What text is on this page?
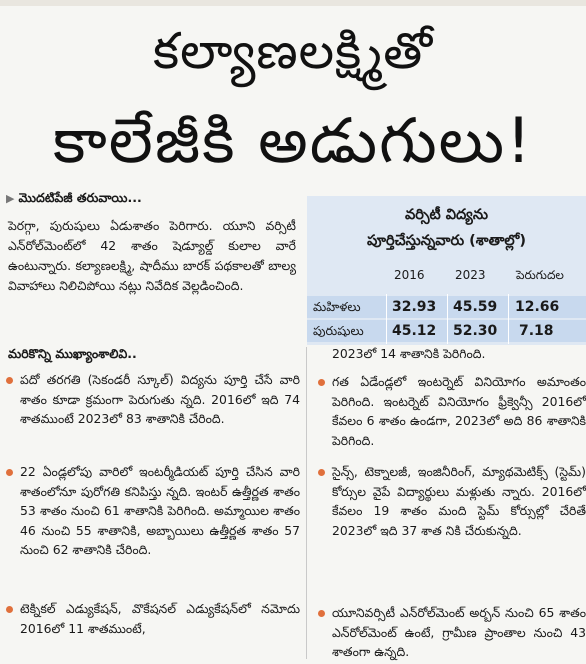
కల్యాణలక్ష్మితో
కాలేజీకి అడుగులు!
▶ మొదటిపేజీ తరువాయి...
పెరగ్గా, పురుషులు ఏడుశాతం పెరిగారు. యూని వర్సిటీ ఎన్‌రోల్‌మెంట్‌లో 42 శాతం షెడ్యూల్డ్ కులాల వారే ఉంటున్నారు. కల్యాణలక్ష్మి, షాదీము బారక్ పథకాలతో బాల్య వివాహాలు నిలిచిపోయి నట్లు నివేదిక వెల్లడించింది.
మరికొన్ని ముఖ్యాంశాలివి..
పదో తరగతి (సెకండరీ స్కూల్) విద్యను పూర్తి చేసే వారి శాతం కూడా క్రమంగా పెరుగుతు న్నది. 2016లో ఇది 74 శాతముంటే 2023లో 83 శాతానికి చేరింది.
22 ఏండ్లలోపు వారిలో ఇంటర్మీడియట్ పూర్తి చేసిన వారి శాతంలోనూ పురోగతి కనిపిస్తు న్నది. ఇంటర్ ఉత్తీర్ణత శాతం 53 శాతం నుంచి 61 శాతానికి పెరిగింది. అమ్మాయిల శాతం 46 నుంచి 55 శాతానికి, అబ్బాయిలు ఉత్తీర్ణత శాతం 57 నుంచి 62 శాతానికి చేరింది.
టెక్నికల్ ఎడ్యుకేషన్, వొకేషనల్ ఎడ్యుకేషన్‌లో నమోదు 2016లో 11 శాతముంటే,
2023లో 14 శాతానికి పెరిగింది.
గత ఏడేండ్లలో ఇంటర్నెట్ వినియోగం అమాంతం పెరిగింది. ఇంటర్నెట్ వినియోగం ఫ్రీక్వెన్సీ 2016లో కేవలం 6 శాతం ఉండగా, 2023లో అది 86 శాతానికి పెరిగింది.
సైన్స్, టెక్నాలజీ, ఇంజినీరింగ్, మ్యాథమెటిక్స్ (స్టెమ్) కోర్సుల వైపే విద్యార్థులు మళ్లుతు న్నారు. 2016లో కేవలం 19 శాతం మంది స్టెమ్ కోర్సుల్లో చేరితే 2023లో ఇది 37 శాత నికి చేరుకున్నది.
యూనివర్సిటీ ఎన్‌రోల్‌మెంట్ అర్బన్ నుంచి 65 శాతం ఎన్‌రోల్‌మెంట్ ఉంటే, గ్రామీణ ప్రాంతాల నుంచి 43 శాతంగా ఉన్నది.
వర్సిటీ విద్యను
పూర్తిచేస్తున్నవారు (శాతాల్లో)
2016	2023	పెరుగుదల
మహిళలు 32.93 45.59 12.66
పురుషులు 45.12 52.30 7.18
